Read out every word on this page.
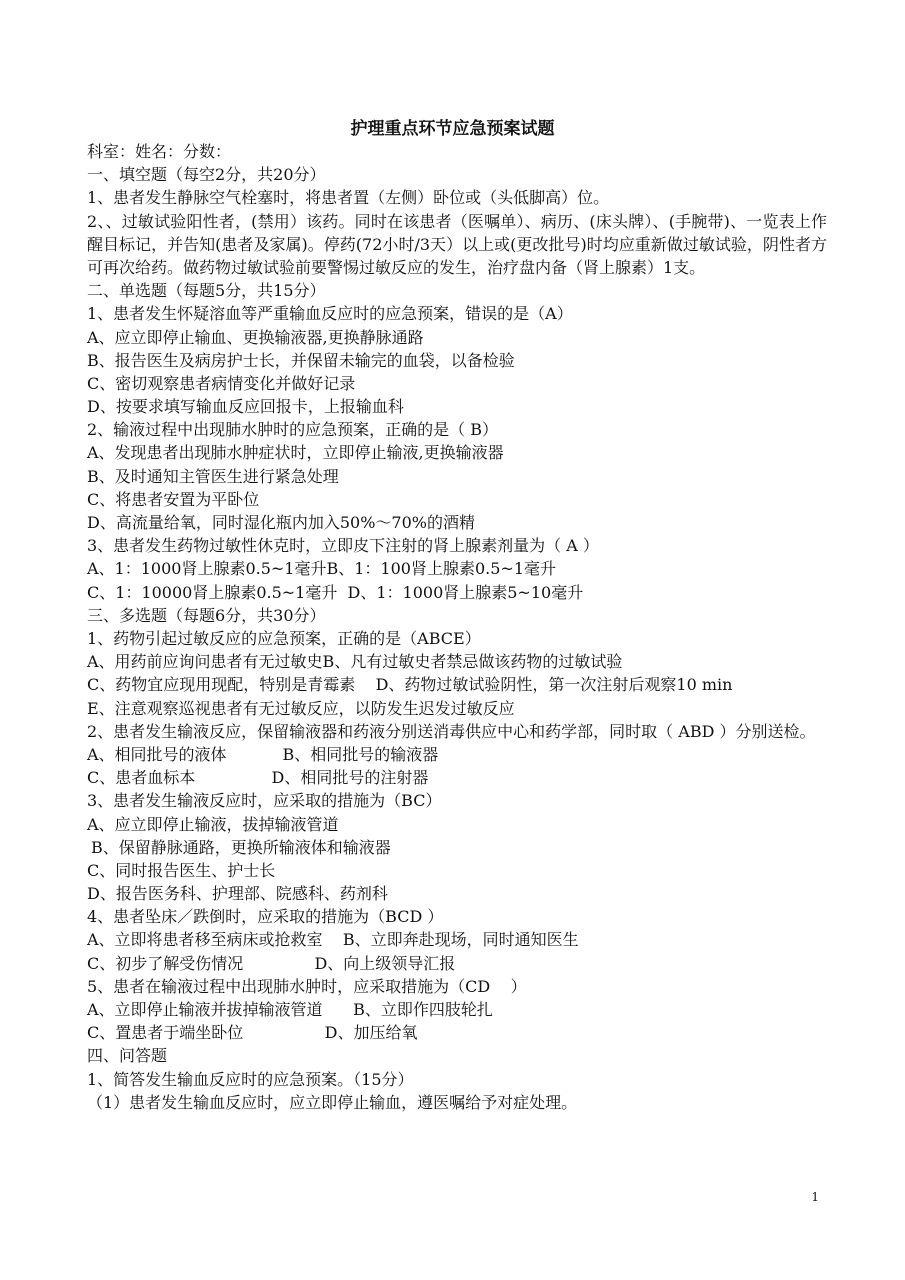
护理重点环节应急预案试题
科室：姓名：分数：
一、填空题（每空2分，共20分）
1、患者发生静脉空气栓塞时，将患者置（左侧）卧位或（头低脚高）位。
2、、过敏试验阳性者，(禁用）该药。同时在该患者（医嘱单）、病历、(床头牌）、(手腕带)、一览表上作醒目标记，并告知(患者及家属)。停药(72小时/3天）以上或(更改批号)时均应重新做过敏试验，阴性者方可再次给药。做药物过敏试验前要警惕过敏反应的发生，治疗盘内备（肾上腺素）1支。
二、单选题（每题5分，共15分）
1、患者发生怀疑溶血等严重输血反应时的应急预案，错误的是（A）
A、应立即停止输血、更换输液器,更换静脉通路
B、报告医生及病房护士长，并保留未输完的血袋，以备检验
C、密切观察患者病情变化并做好记录
D、按要求填写输血反应回报卡，上报输血科
2、输液过程中出现肺水肿时的应急预案，正确的是（ B）
A、发现患者出现肺水肿症状时，立即停止输液,更换输液器
B、及时通知主管医生进行紧急处理
C、将患者安置为平卧位
D、高流量给氧，同时湿化瓶内加入50%～70%的酒精
3、患者发生药物过敏性休克时，立即皮下注射的肾上腺素剂量为（ A ）
A、1：1000肾上腺素0.5~1毫升B、1：100肾上腺素0.5~1毫升
C、1：10000肾上腺素0.5~1毫升  D、1：1000肾上腺素5~10毫升
三、多选题（每题6分，共30分）
1、药物引起过敏反应的应急预案，正确的是（ABCE）
A、用药前应询问患者有无过敏史B、凡有过敏史者禁忌做该药物的过敏试验
C、药物宜应现用现配，特别是青霉素    D、药物过敏试验阴性，第一次注射后观察10 min
E、注意观察巡视患者有无过敏反应，以防发生迟发过敏反应
2、患者发生输液反应，保留输液器和药液分别送消毒供应中心和药学部，同时取（ ABD ）分别送检。
A、相同批号的液体           B、相同批号的输液器
C、患者血标本               D、相同批号的注射器
3、患者发生输液反应时，应采取的措施为（BC）
A、应立即停止输液，拔掉输液管道
B、保留静脉通路，更换所输液体和输液器
C、同时报告医生、护士长
D、报告医务科、护理部、院感科、药剂科
4、患者坠床／跌倒时，应采取的措施为（BCD ）
A、立即将患者移至病床或抢救室    B、立即奔赴现场，同时通知医生
C、初步了解受伤情况              D、向上级领导汇报
5、患者在输液过程中出现肺水肿时，应采取措施为（CD    ）
A、立即停止输液并拔掉输液管道      B、立即作四肢轮扎
C、置患者于端坐卧位                D、加压给氧
四、问答题
1、简答发生输血反应时的应急预案。（15分）
（1）患者发生输血反应时，应立即停止输血，遵医嘱给予对症处理。
1
